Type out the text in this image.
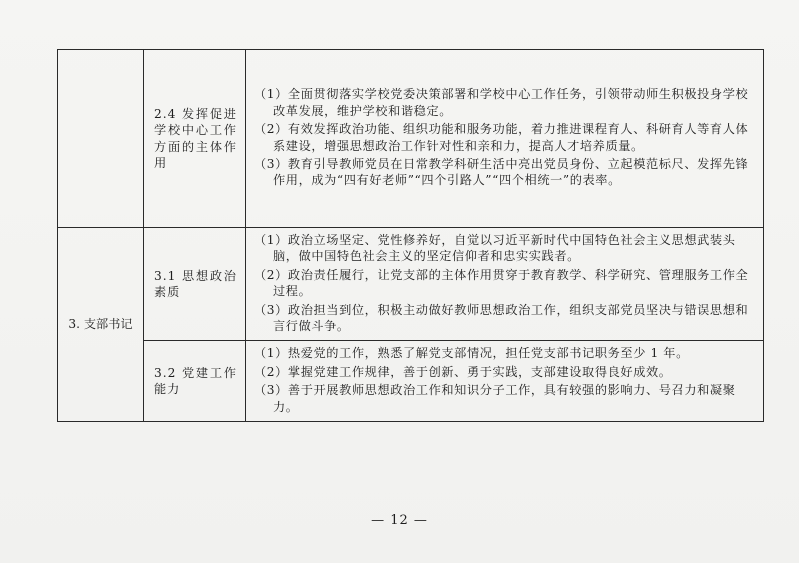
	2.4 发挥促进学校中心工作方面的主体作用	（1）全面贯彻落实学校党委决策部署和学校中心工作任务，引领带动师生积极投身学校改革发展，维护学校和谐稳定。
（2）有效发挥政治功能、组织功能和服务功能，着力推进课程育人、科研育人等育人体系建设，增强思想政治工作针对性和亲和力，提高人才培养质量。
（3）教育引导教师党员在日常教学科研生活中亮出党员身份、立起模范标尺、发挥先锋作用，成为“四有好老师”“四个引路人”“四个相统一”的表率。

3. 支部书记	3.1 思想政治素质	（1）政治立场坚定、党性修养好，自觉以习近平新时代中国特色社会主义思想武装头脑，做中国特色社会主义的坚定信仰者和忠实实践者。
（2）政治责任履行，让党支部的主体作用贯穿于教育教学、科学研究、管理服务工作全过程。
（3）政治担当到位，积极主动做好教师思想政治工作，组织支部党员坚决与错误思想和言行做斗争。

	3.2 党建工作能力	（1）热爱党的工作，熟悉了解党支部情况，担任党支部书记职务至少 1 年。
（2）掌握党建工作规律，善于创新、勇于实践，支部建设取得良好成效。
（3）善于开展教师思想政治工作和知识分子工作，具有较强的影响力、号召力和凝聚力。
— 12 —
